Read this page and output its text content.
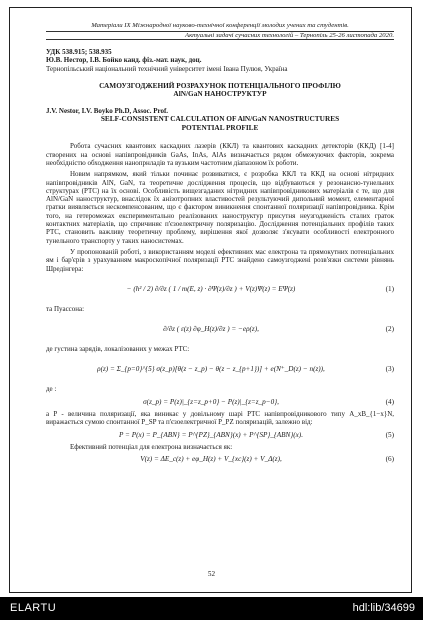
Матеріали ІХ Міжнародної науково-технічної конференції молодих учених та студентів.
Актуальні задачі сучасних технологій – Тернопіль 25-26 листопада 2020.
УДК 538.915; 538.935
Ю.В. Нестор, І.В. Бойко канд. фіз.-мат. наук, доц.
Тернопільський національний технічний університет імені Івана Пулюя, Україна
САМОУЗГОДЖЕНИЙ РОЗРАХУНОК ПОТЕНЦІАЛЬНОГО ПРОФІЛЮ
AlN/GaN НАНОСТРУКТУР
J.V. Nestor, I.V. Boyko Ph.D, Assoc. Prof.
SELF-CONSISTENT CALCULATION OF AlN/GaN NANOSTRUCTURES
POTENTIAL PROFILE

Робота сучасних квантових каскадних лазерів (ККЛ) та квантових каскадних детекторів (ККД) [1-4] створених на основі напівпровідників GaAs, InAs, AlAs визначається рядом обмежуючих факторів, зокрема необхідністю обходження нанопрнладів та вузьким частотним діапазоном їх роботи.

Новим напрямком, який тільки починає розвиватися, є розробка ККЛ та ККД на основі нітридних напівпровідників AlN, GaN, та теоретичне дослідження процесів, що відбуваються у резонансно-тунельних структурах (РТС) на їх основі. Особливість вищезгаданих нітридних напівпровідникових матеріалів є те, що для AlN/GaN наноструктур, внаслідок їх анізотропних властивостей результуючий дипольний момент, елементарної гратки виявляється нескомпенсованим, що є фактором виникнення спонтанної поляризації напівпровідника. Крім того, на гетеромежах експериментально реалізованих наноструктур присутня неузгодженість сталих граток контактних матеріалів, що спричиняє п'єзоелектричну поляризацію. Дослідження потенціальних профілів таких РТС, становить важливу теоретичну проблему, вирішення якої дозволяє з'ясувати особливості електронного тунельного транспорту у таких наносистемах.

У пропонованій роботі, з використанням моделі ефективних мас електрона та прямокутних потенціальних ям і бар'єрів з урахуванням макроскопічної поляризації РТС знайдено самоузгоджені розв'язки системи рівнянь Шредінгера:

− (ħ² / 2) ∂/∂z ( 1 / m(E, z) · ∂Ψ(z)/∂z ) + V(z)Ψ(z) = EΨ(z)	(1)
та Пуассона:
∂/∂z ( ε(z) ∂φ_H(z)/∂z ) = −eρ(z),	(2)
де густина зарядів, локалізованих у межах РТС:
ρ(z) = Σ_{p=0}^{5} σ(z_p)[θ(z − z_p) − θ(z − z_{p+1})] + e(N⁺_D(z) − n(z)),	(3)
де :
σ(z_p) = P(z)|_{z=z_p+0} − P(z)|_{z=z_p−0},	(4)

а P - величина поляризації, яка виникає у довільному шарі РТС напівпровідникового типу A_xB_{1−x}N, виражається сумою спонтанної P_SP та п'єзоелектричної P_PZ поляризацій, залежно від:

P = P(x) = P_{ABN} = P^{PZ}_{ABN}(x) + P^{SP}_{ABN}(x).	(5)

Ефективний потенціал для електрона визначається як:

V(z) = ΔE_c(z) + eφ_H(z) + V_{xc}(z) + V_Δ(z),	(6)
52
ELARTU	hdl:lib/34699
